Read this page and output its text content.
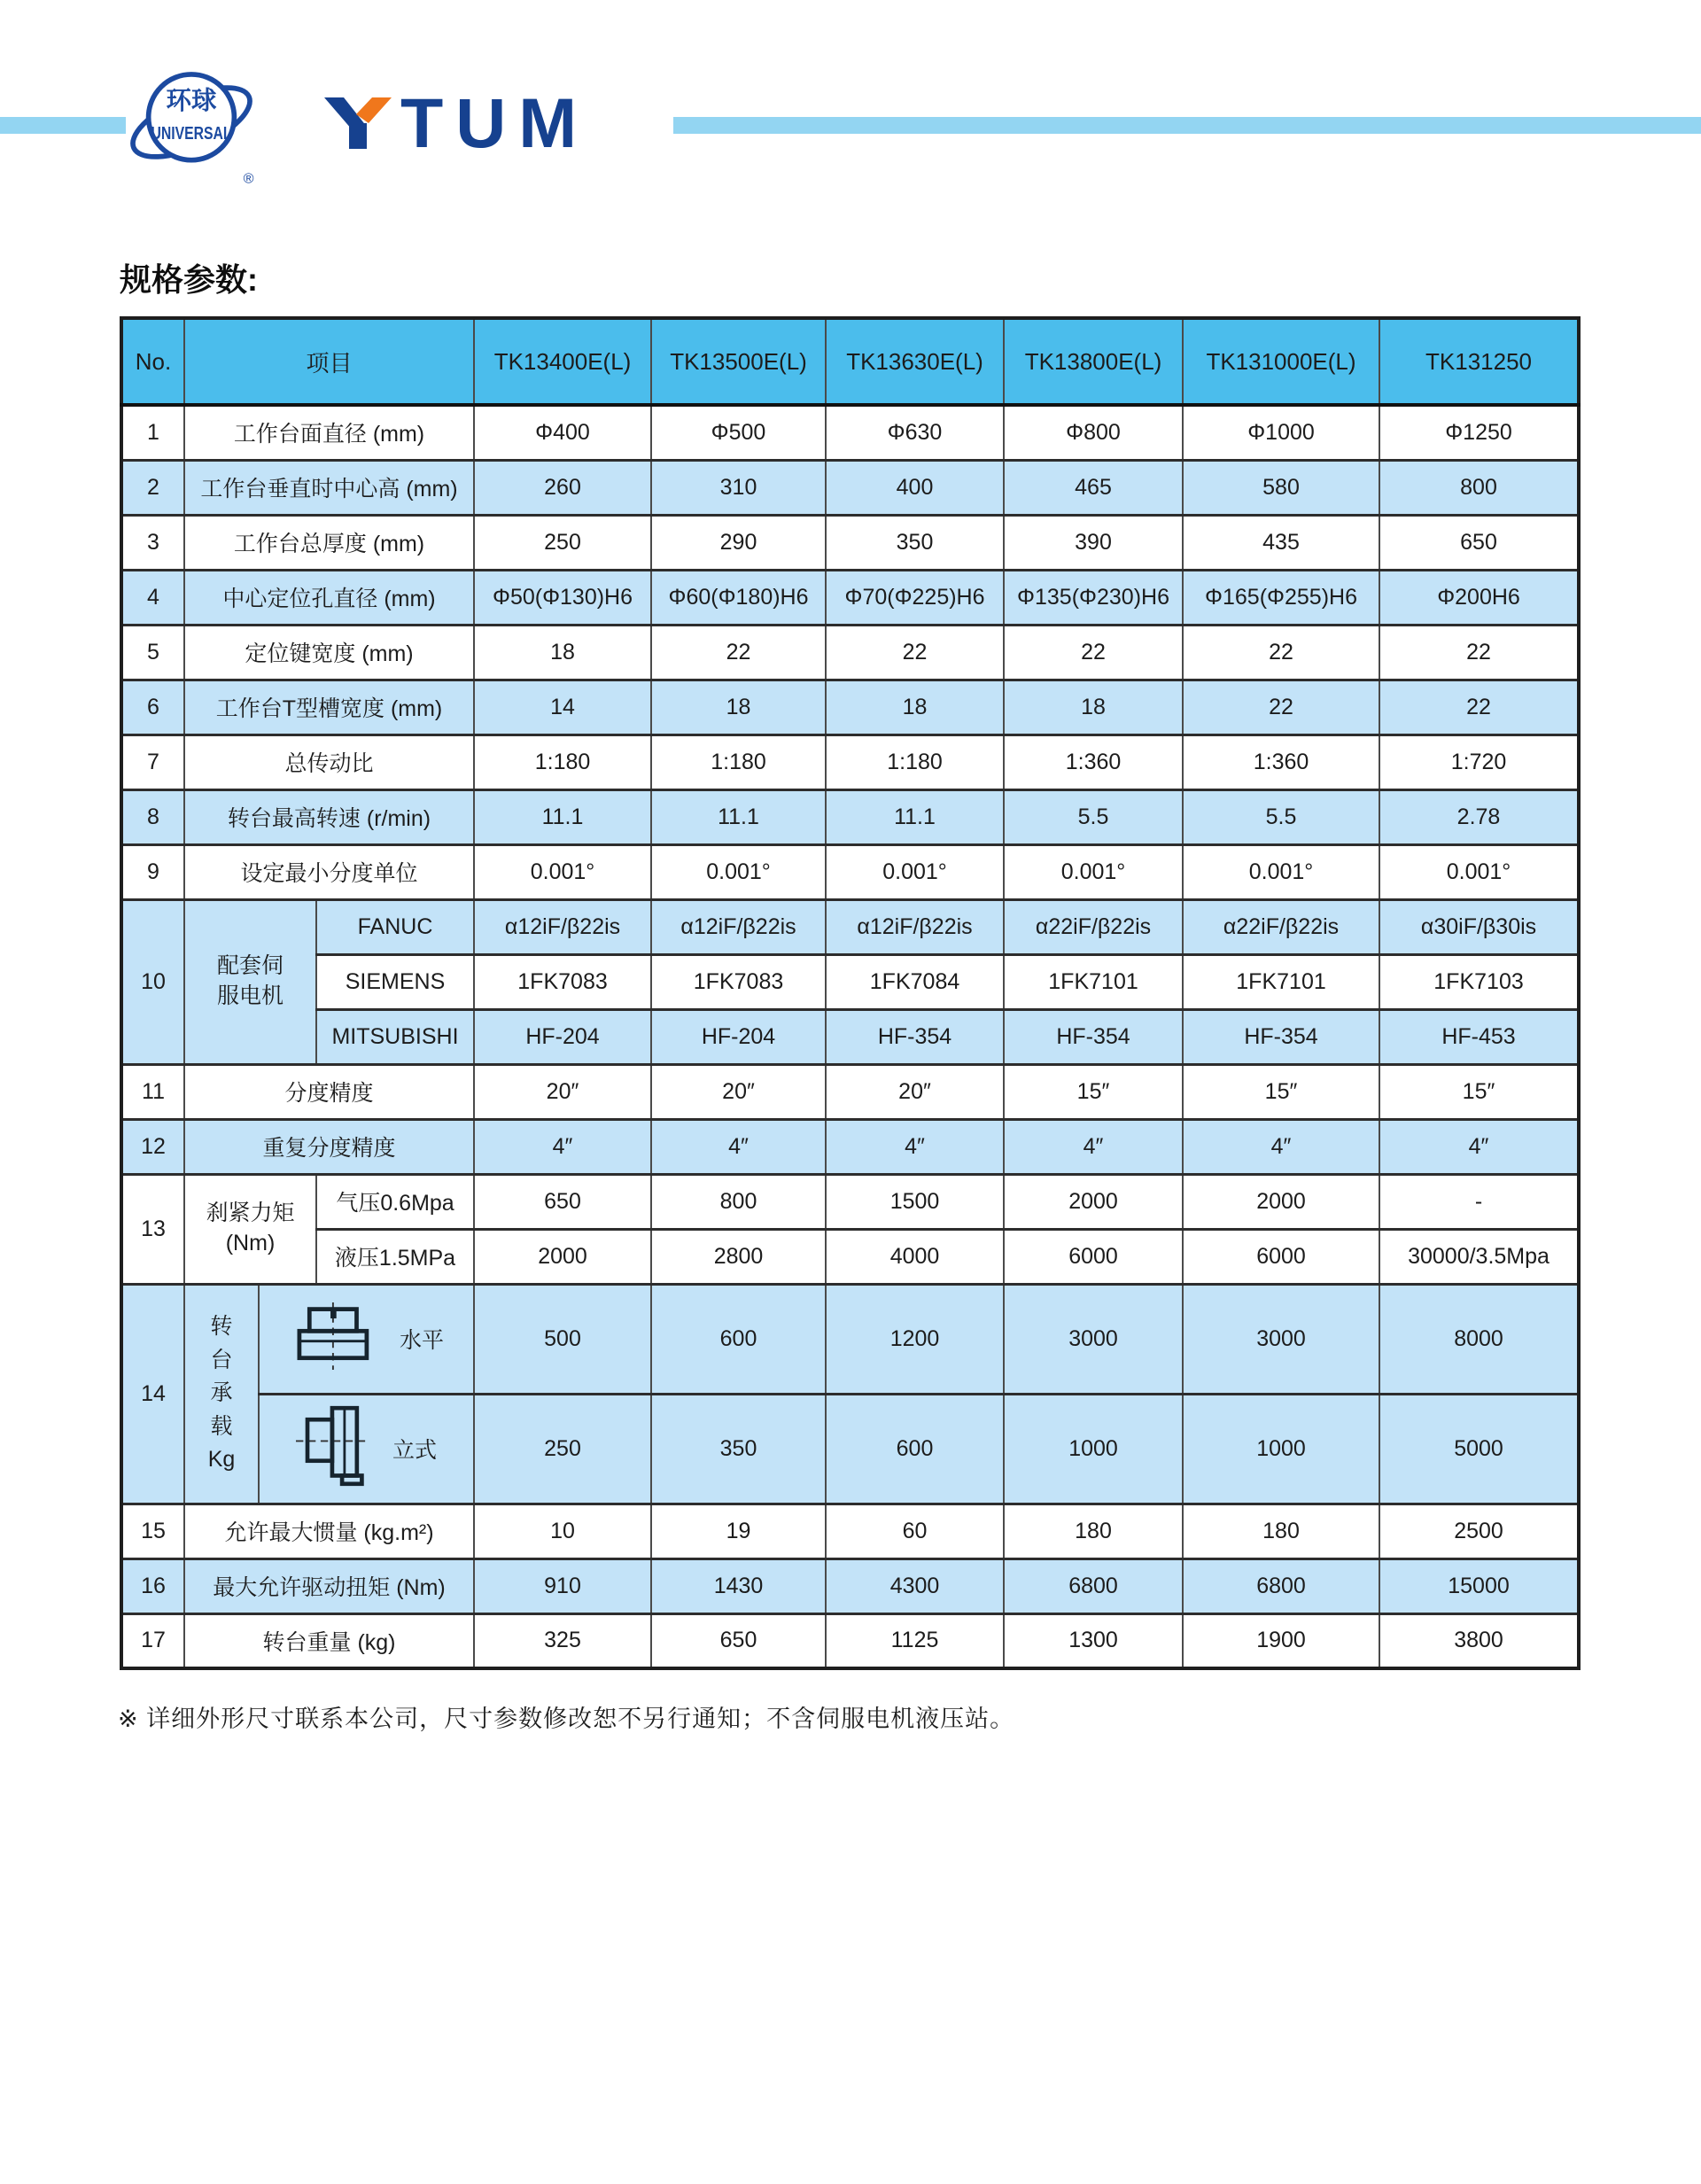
环球
UNIVERSAL
®
TUM
规格参数:
No.	项目			TK13400E(L)	TK13500E(L)	TK13630E(L)	TK13800E(L)	TK131000E(L)	TK131250
1	工作台面直径 (mm)			Φ400	Φ500	Φ630	Φ800	Φ1000	Φ1250
2	工作台垂直时中心高 (mm)			260	310	400	465	580	800
3	工作台总厚度 (mm)			250	290	350	390	435	650
4	中心定位孔直径 (mm)			Φ50(Φ130)H6	Φ60(Φ180)H6	Φ70(Φ225)H6	Φ135(Φ230)H6	Φ165(Φ255)H6	Φ200H6
5	定位键宽度 (mm)			18	22	22	22	22	22
6	工作台T型槽宽度 (mm)			14	18	18	18	22	22
7	总传动比			1:180	1:180	1:180	1:360	1:360	1:720
8	转台最高转速 (r/min)			11.1	11.1	11.1	5.5	5.5	2.78
9	设定最小分度单位			0.001°	0.001°	0.001°	0.001°	0.001°	0.001°
10	配套伺服电机		FANUC	α12iF/β22is	α12iF/β22is	α12iF/β22is	α22iF/β22is	α22iF/β22is	α30iF/β30is
			SIEMENS	1FK7083	1FK7083	1FK7084	1FK7101	1FK7101	1FK7103
			MITSUBISHI	HF-204	HF-204	HF-354	HF-354	HF-354	HF-453
11	分度精度			20″	20″	20″	15″	15″	15″
12	重复分度精度			4″	4″	4″	4″	4″	4″
13	刹紧力矩 (Nm)		气压0.6Mpa	650	800	1500	2000	2000	-
			液压1.5MPa	2000	2800	4000	6000	6000	30000/3.5Mpa
14	转台承载Kg	水平		500	600	1200	3000	3000	8000
		立式		250	350	600	1000	1000	5000
15	允许最大惯量 (kg.m²)			10	19	60	180	180	2500
16	最大允许驱动扭矩 (Nm)			910	1430	4300	6800	6800	15000
17	转台重量 (kg)			325	650	1125	1300	1900	3800

※ 详细外形尺寸联系本公司，尺寸参数修改恕不另行通知；不含伺服电机液压站。
